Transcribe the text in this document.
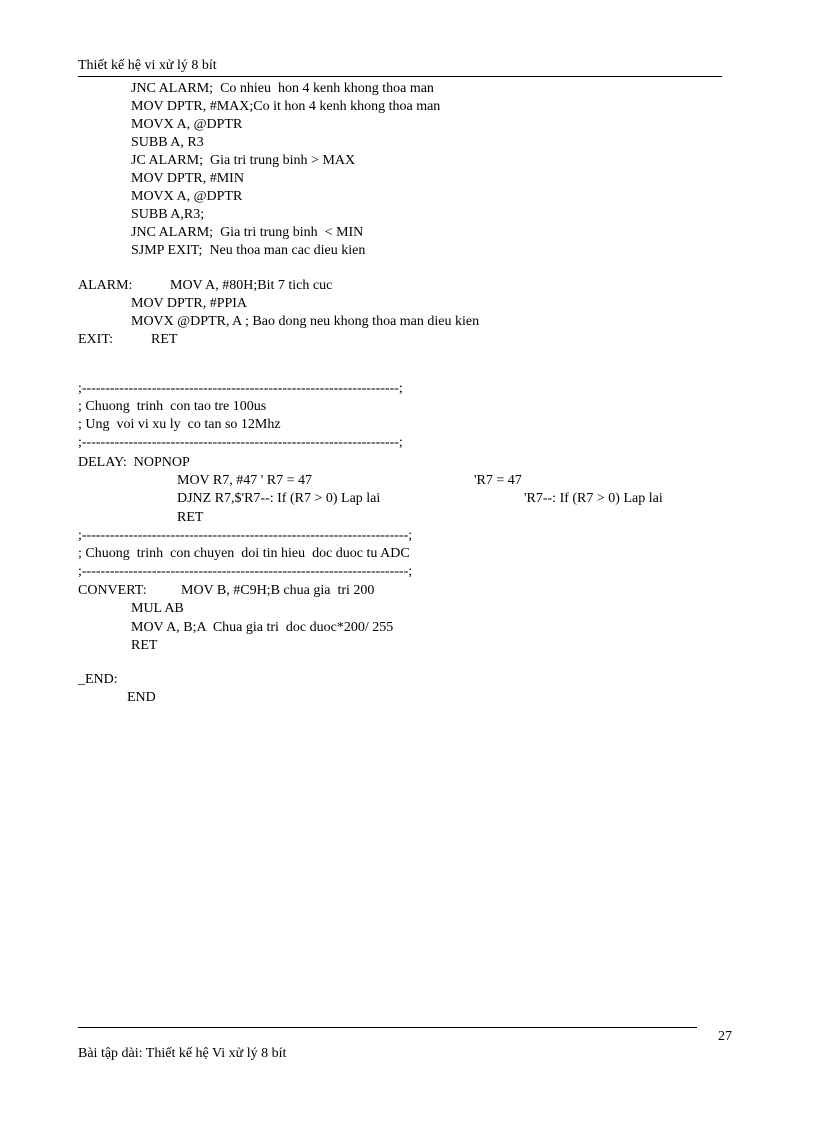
Thiết kế hệ vi xử lý 8 bít
JNC ALARM;  Co nhieu  hon 4 kenh khong thoa man
MOV DPTR, #MAX;Co it hon 4 kenh khong thoa man
MOVX A, @DPTR
SUBB A, R3
JC ALARM;  Gia tri trung binh > MAX
MOV DPTR, #MIN
MOVX A, @DPTR
SUBB A,R3;
JNC ALARM;  Gia tri trung binh  < MIN
SJMP EXIT;  Neu thoa man cac dieu kien
ALARM:	MOV A, #80H;Bit 7 tich cuc
MOV DPTR, #PPIA
MOVX @DPTR, A ; Bao dong neu khong thoa man dieu kien
EXIT:	RET
;--------------------------------------------------------------------;
; Chuong  trinh  con tao tre 100us
; Ung  voi vi xu ly  co tan so 12Mhz
;--------------------------------------------------------------------;
DELAY:  NOPNOP
MOV R7, #47 ' R7 = 47	'R7 = 47
DJNZ R7,$'R7--: If (R7 > 0) Lap lai	'R7--: If (R7 > 0) Lap lai
RET
;----------------------------------------------------------------------;
; Chuong  trinh  con chuyen  doi tin hieu  doc duoc tu ADC
;----------------------------------------------------------------------;
CONVERT: MOV B, #C9H;B chua gia  tri 200
MUL AB
MOV A, B;A  Chua gia tri  doc duoc*200/ 255
RET
_END:
END
27
Bài tập dài: Thiết kế hệ Vi xử lý 8 bít
